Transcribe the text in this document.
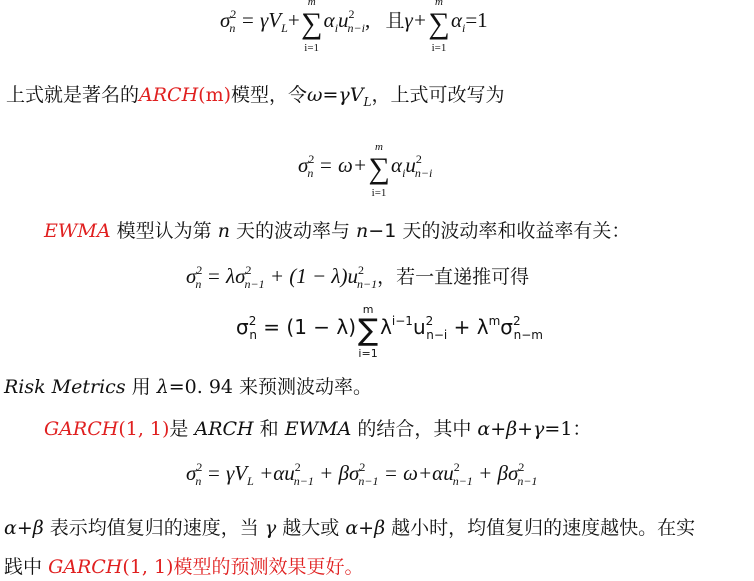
$\sigma^2_n = \gamma V_L+$
m
∑
i=1
$\alpha_iu^2_{n-i}$, 且γ+
m
∑
i=1
$\alpha_i=1$
上式就是著名的ARCH(m)模型，令$\omega=\gamma V_L$，上式可改写为
$\sigma^2_n = \omega+$
m
∑
i=1
$\alpha_iu^2_{n-i}$
EWMA 模型认为第 n 天的波动率与 n−1 天的波动率和收益率有关：
$\sigma^2_n = \lambda\sigma^2_{n-1} + (1 - \lambda)u^2_{n-1}$，若一直递推可得
$\sigma^2_n = (1 - \lambda)$
m
∑
i=1
$\lambda^{i-1}u^2_{n-i} + \lambda^m\sigma^2_{n-m}$
Risk Metrics 用 λ=0. 94 来预测波动率。
GARCH(1, 1)是 ARCH 和 EWMA 的结合，其中 α+β+γ=1：
$\sigma^2_n = \gamma V_L +\alpha u^2_{n-1} + \beta\sigma^2_{n-1} = \omega+\alpha u^2_{n-1} + \beta\sigma^2_{n-1}$
α+β 表示均值复归的速度，当 γ 越大或 α+β 越小时，均值复归的速度越快。在实
践中 GARCH(1, 1)模型的预测效果更好。
